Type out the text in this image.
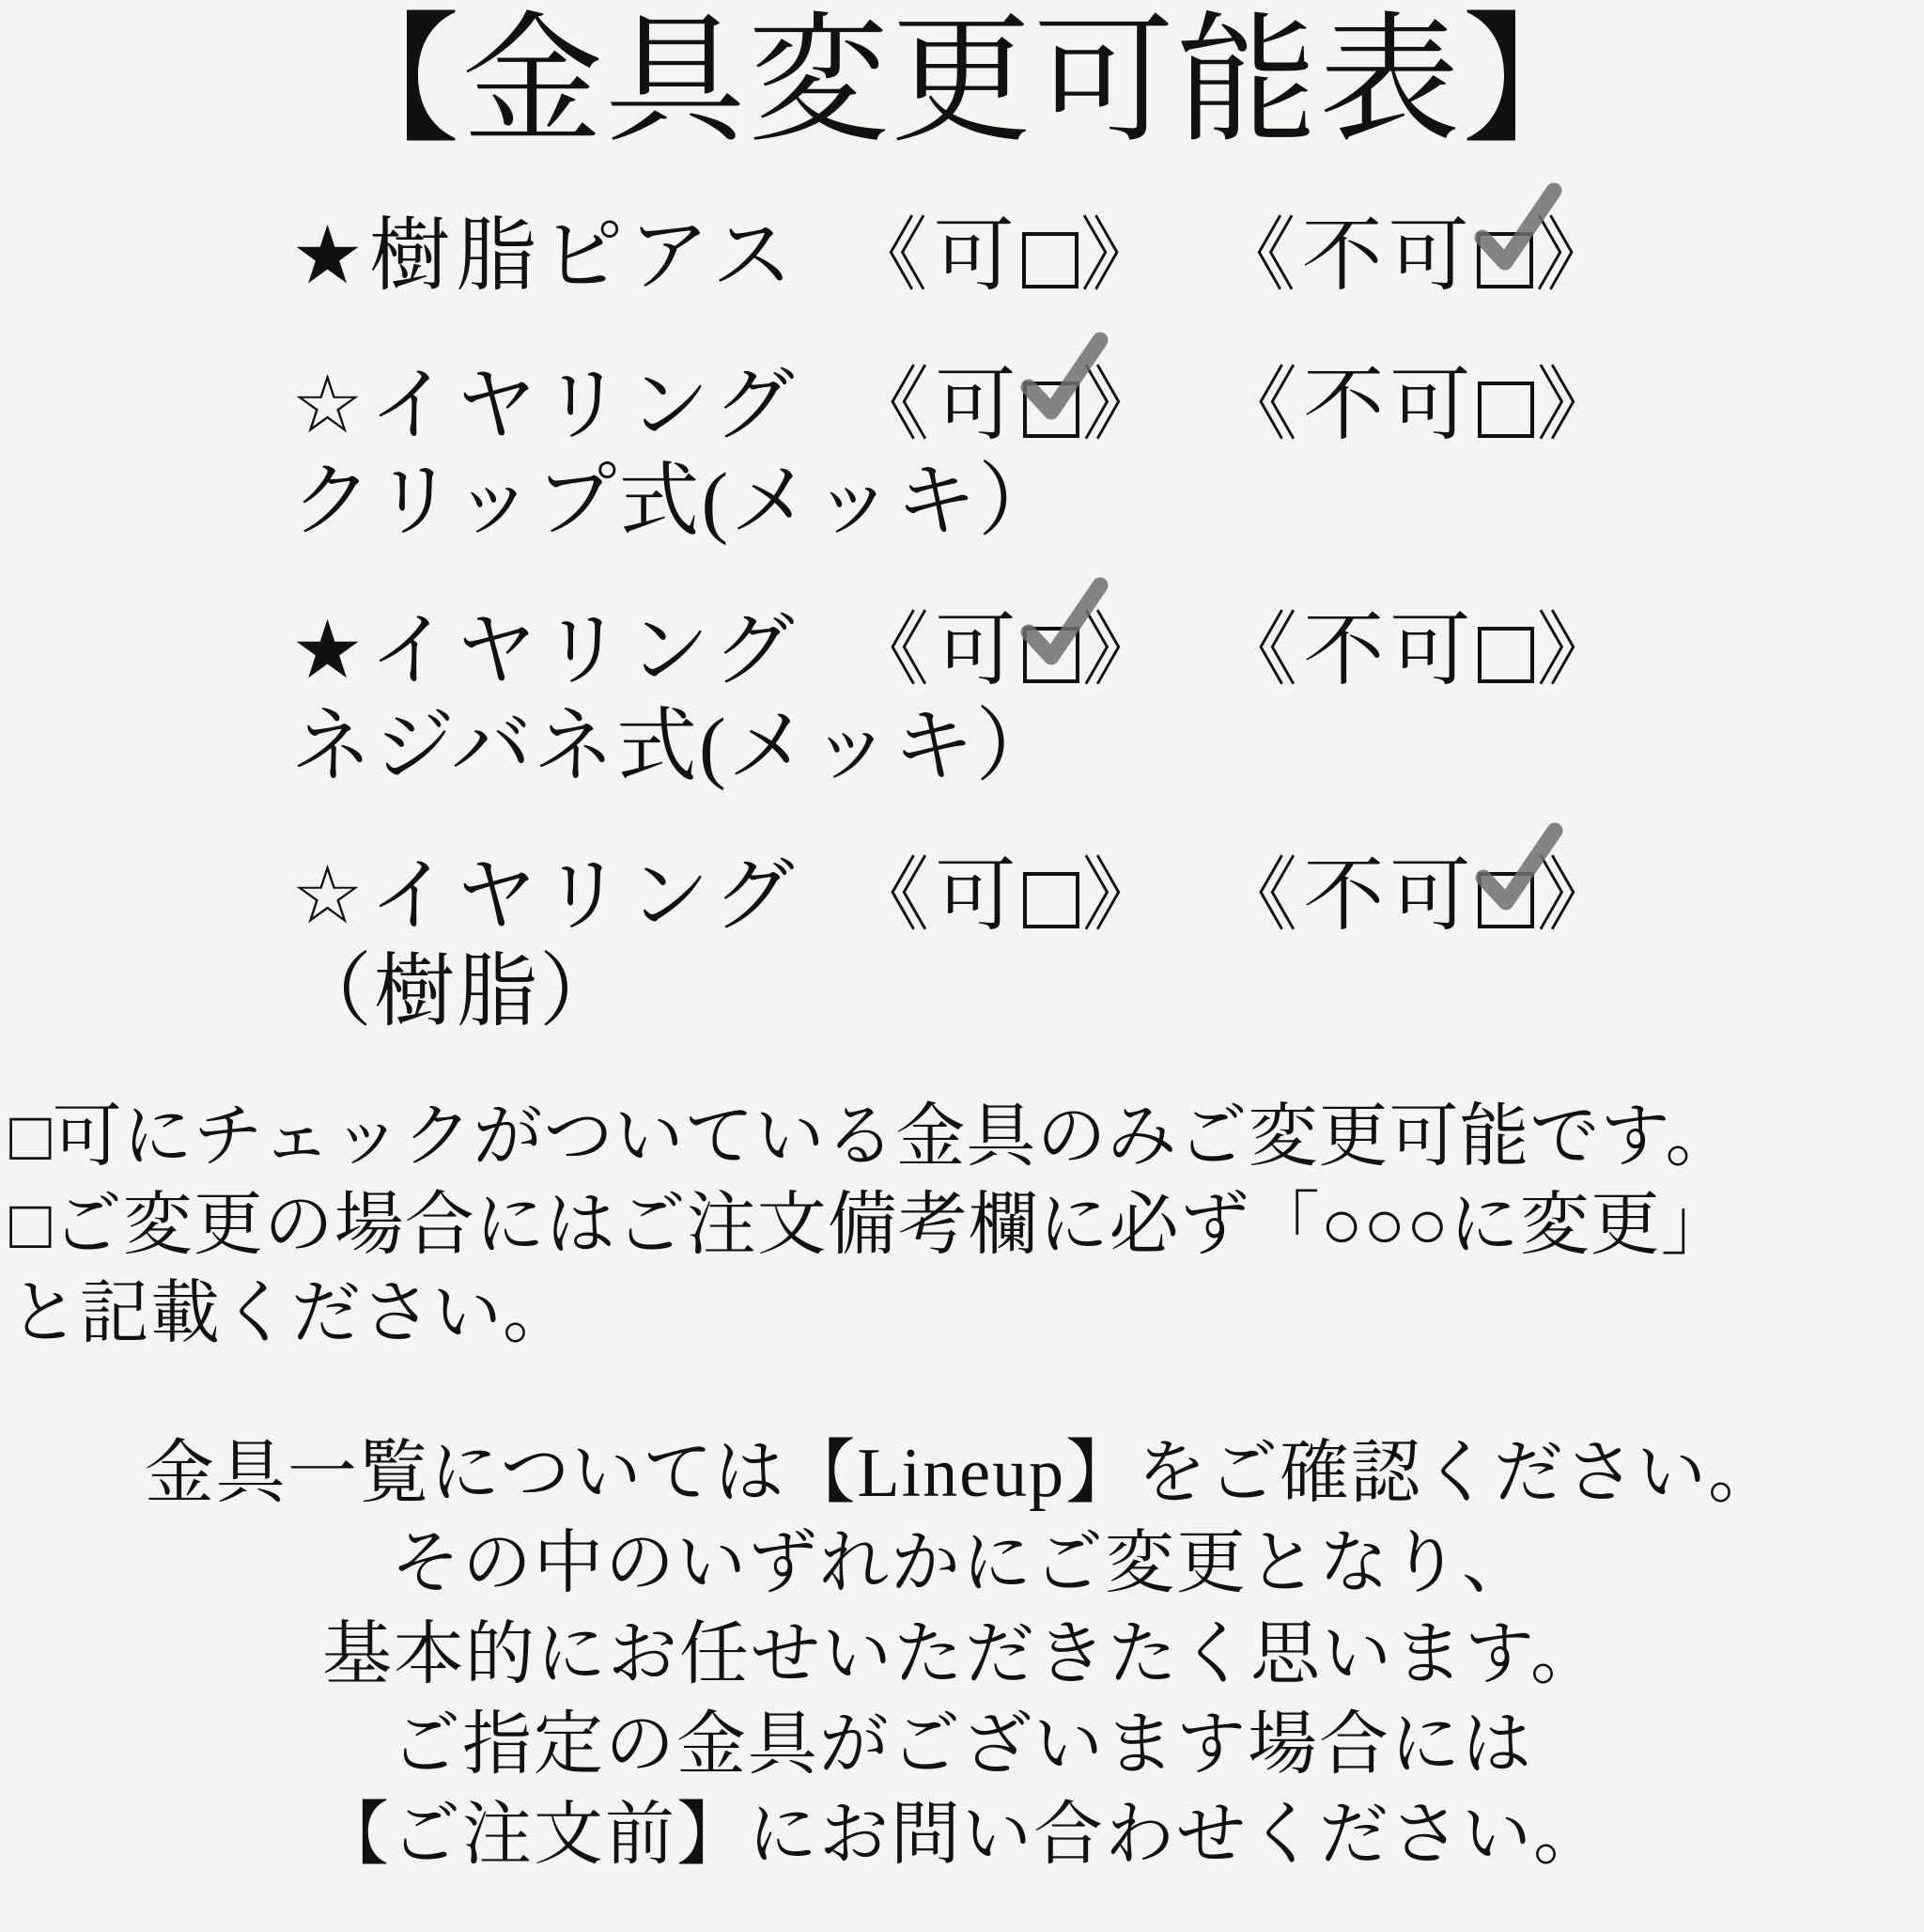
【金具変更可能表】
★樹脂ピアス 《可 》 《不可 》
☆イヤリング 《可 》 《不可 》
クリップ式(メッキ）
★イヤリング 《可 》 《不可 》
ネジバネ式(メッキ）
☆イヤリング 《可 》 《不可 》
（樹脂）
□可にチェックがついている金具のみご変更可能です。
□ご変更の場合にはご注文備考欄に必ず「○○○に変更」
と記載ください。
金具一覧については【Lineup】をご確認ください。
その中のいずれかにご変更となり、
基本的にお任せいただきたく思います。
ご指定の金具がございます場合には
【ご注文前】にお問い合わせください。
